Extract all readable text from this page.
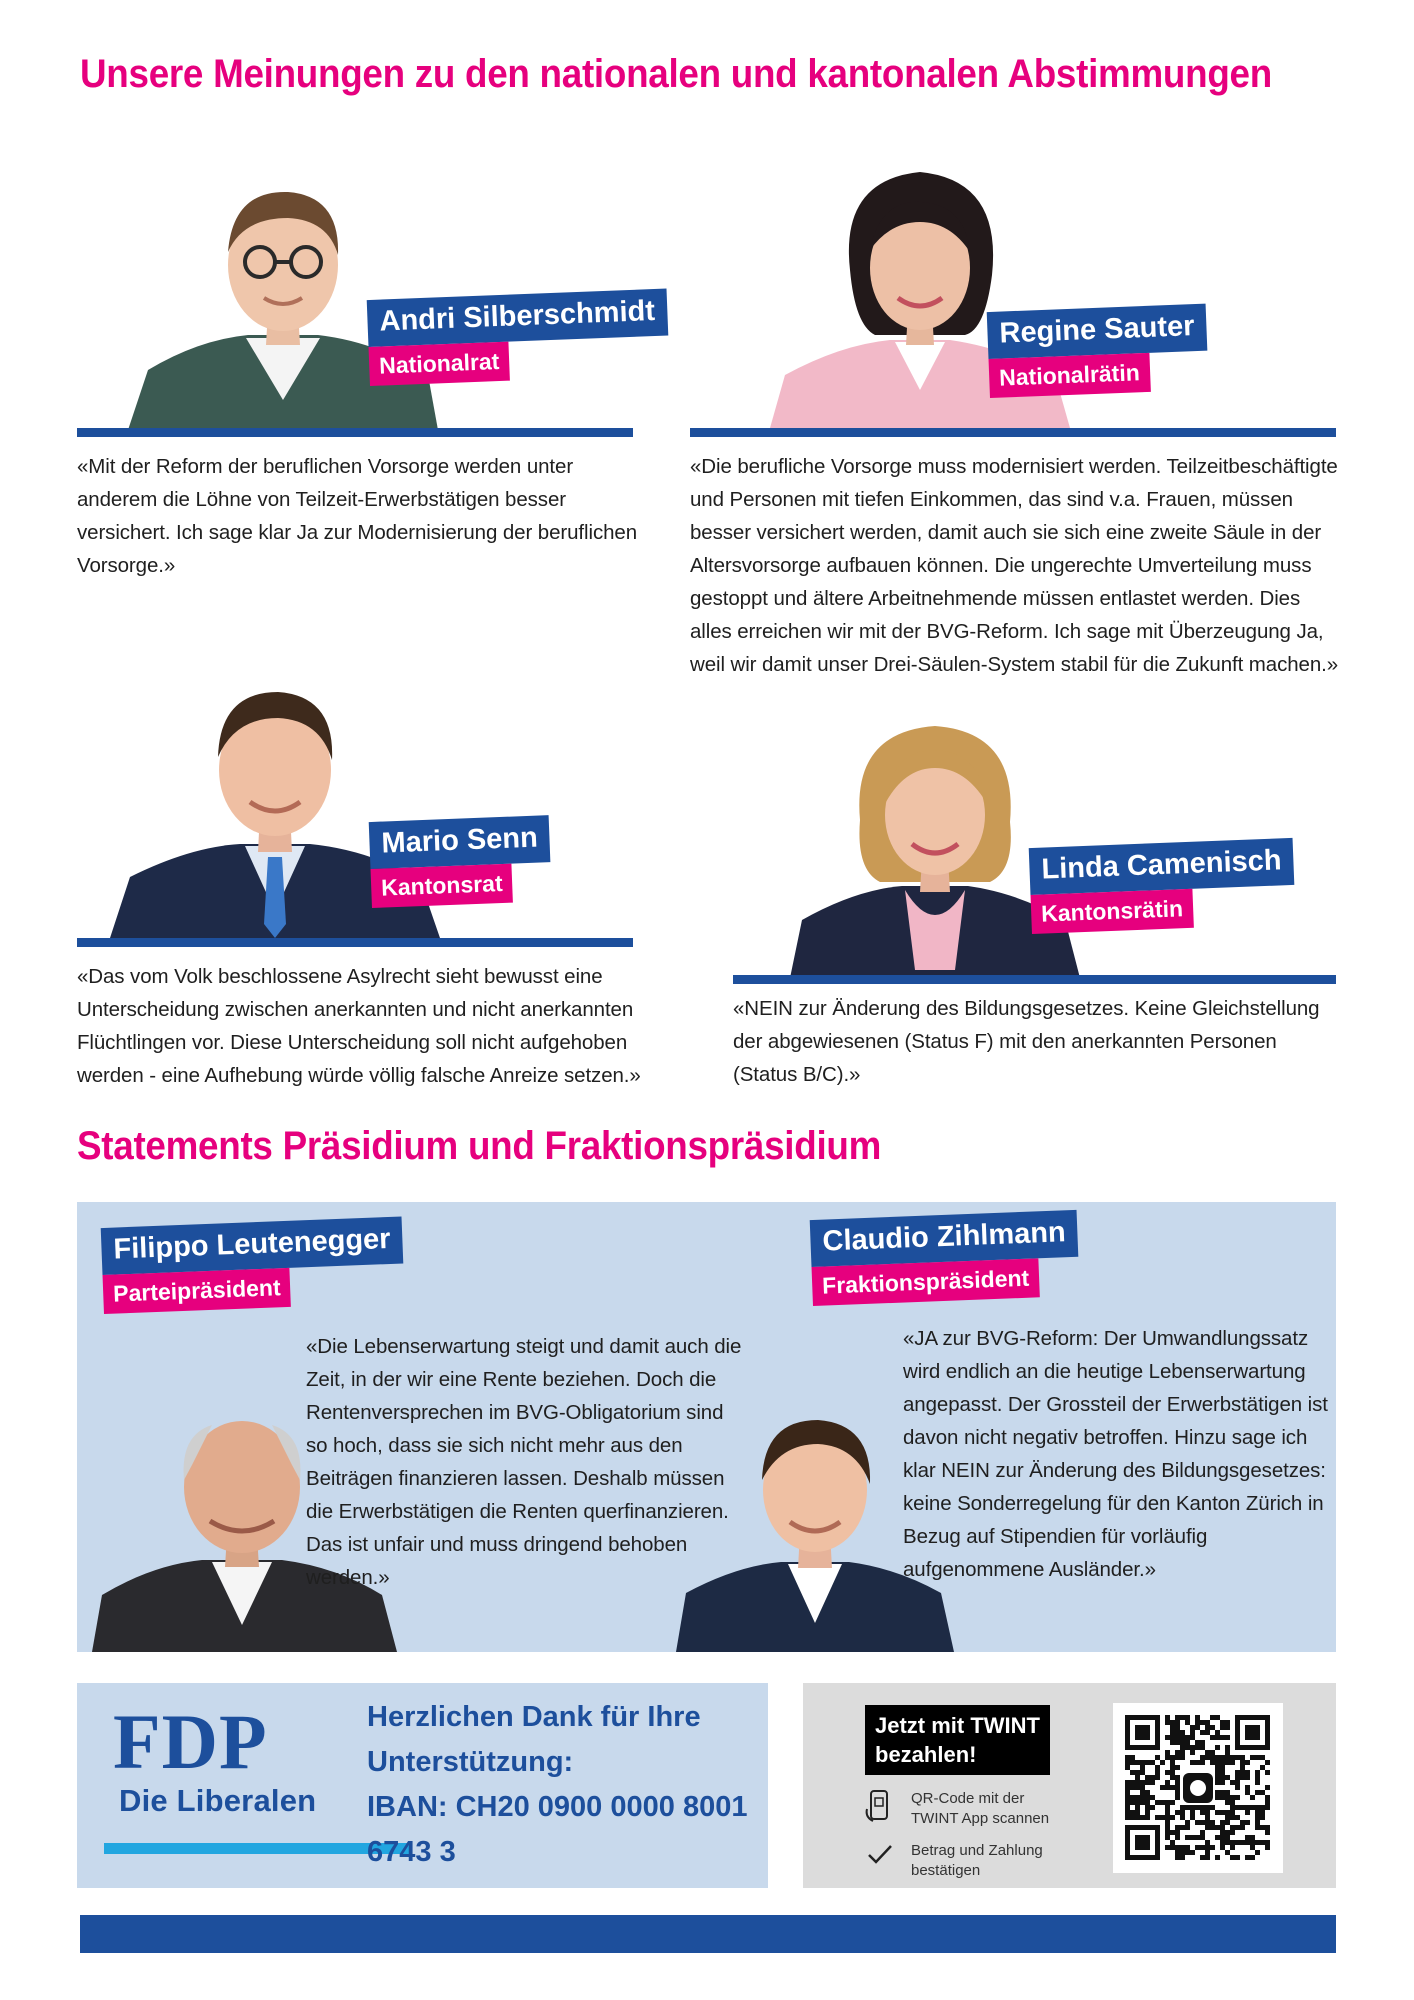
Unsere Meinungen zu den nationalen und kantonalen Abstimmungen
Andri Silberschmidt
Nationalrat
«Mit der Reform der beruflichen Vorsorge werden unter anderem die Löhne von Teilzeit-Erwerbstätigen besser versichert. Ich sage klar Ja zur Modernisierung der beruflichen Vorsorge.»
Regine Sauter
Nationalrätin
«Die berufliche Vorsorge muss modernisiert werden. Teilzeitbeschäftigte und Personen mit tiefen Einkommen, das sind v.a. Frauen, müssen besser versichert werden, damit auch sie sich eine zweite Säule in der Altersvorsorge aufbauen können. Die ungerechte Umverteilung muss gestoppt und ältere Arbeitnehmende müssen entlastet werden. Dies alles erreichen wir mit der BVG-Reform. Ich sage mit Überzeugung Ja, weil wir damit unser Drei-Säulen-System stabil für die Zukunft machen.»
Mario Senn
Kantonsrat
«Das vom Volk beschlossene Asylrecht sieht bewusst eine Unterscheidung zwischen anerkannten und nicht anerkannten Flüchtlingen vor. Diese Unterscheidung soll nicht aufgehoben werden - eine Aufhebung würde völlig falsche Anreize setzen.»
Linda Camenisch
Kantonsrätin
«NEIN zur Änderung des Bildungsgesetzes. Keine Gleichstellung der abgewiesenen (Status F) mit den anerkannten Personen (Status B/C).»
Statements Präsidium und Fraktionspräsidium
Filippo Leutenegger
Parteipräsident
«Die Lebenserwartung steigt und damit auch die Zeit, in der wir eine Rente beziehen. Doch die Rentenversprechen im BVG-Obligatorium sind so hoch, dass sie sich nicht mehr aus den Beiträgen finanzieren lassen. Deshalb müssen die Erwerbstätigen die Renten querfinanzieren. Das ist unfair und muss dringend behoben werden.»
Claudio Zihlmann
Fraktionspräsident
«JA zur BVG-Reform: Der Umwandlungssatz wird endlich an die heutige Lebenserwartung angepasst. Der Grossteil der Erwerbstätigen ist davon nicht negativ betroffen. Hinzu sage ich klar NEIN zur Änderung des Bildungsgesetzes: keine Sonderregelung für den Kanton Zürich in Bezug auf Stipendien für vorläufig aufgenommene Ausländer.»
FDP
Die Liberalen
Herzlichen Dank für Ihre
Unterstützung:
IBAN: CH20 0900 0000 8001
6743 3
Jetzt mit TWINT
bezahlen!
QR-Code mit der
TWINT App scannen
Betrag und Zahlung
bestätigen
